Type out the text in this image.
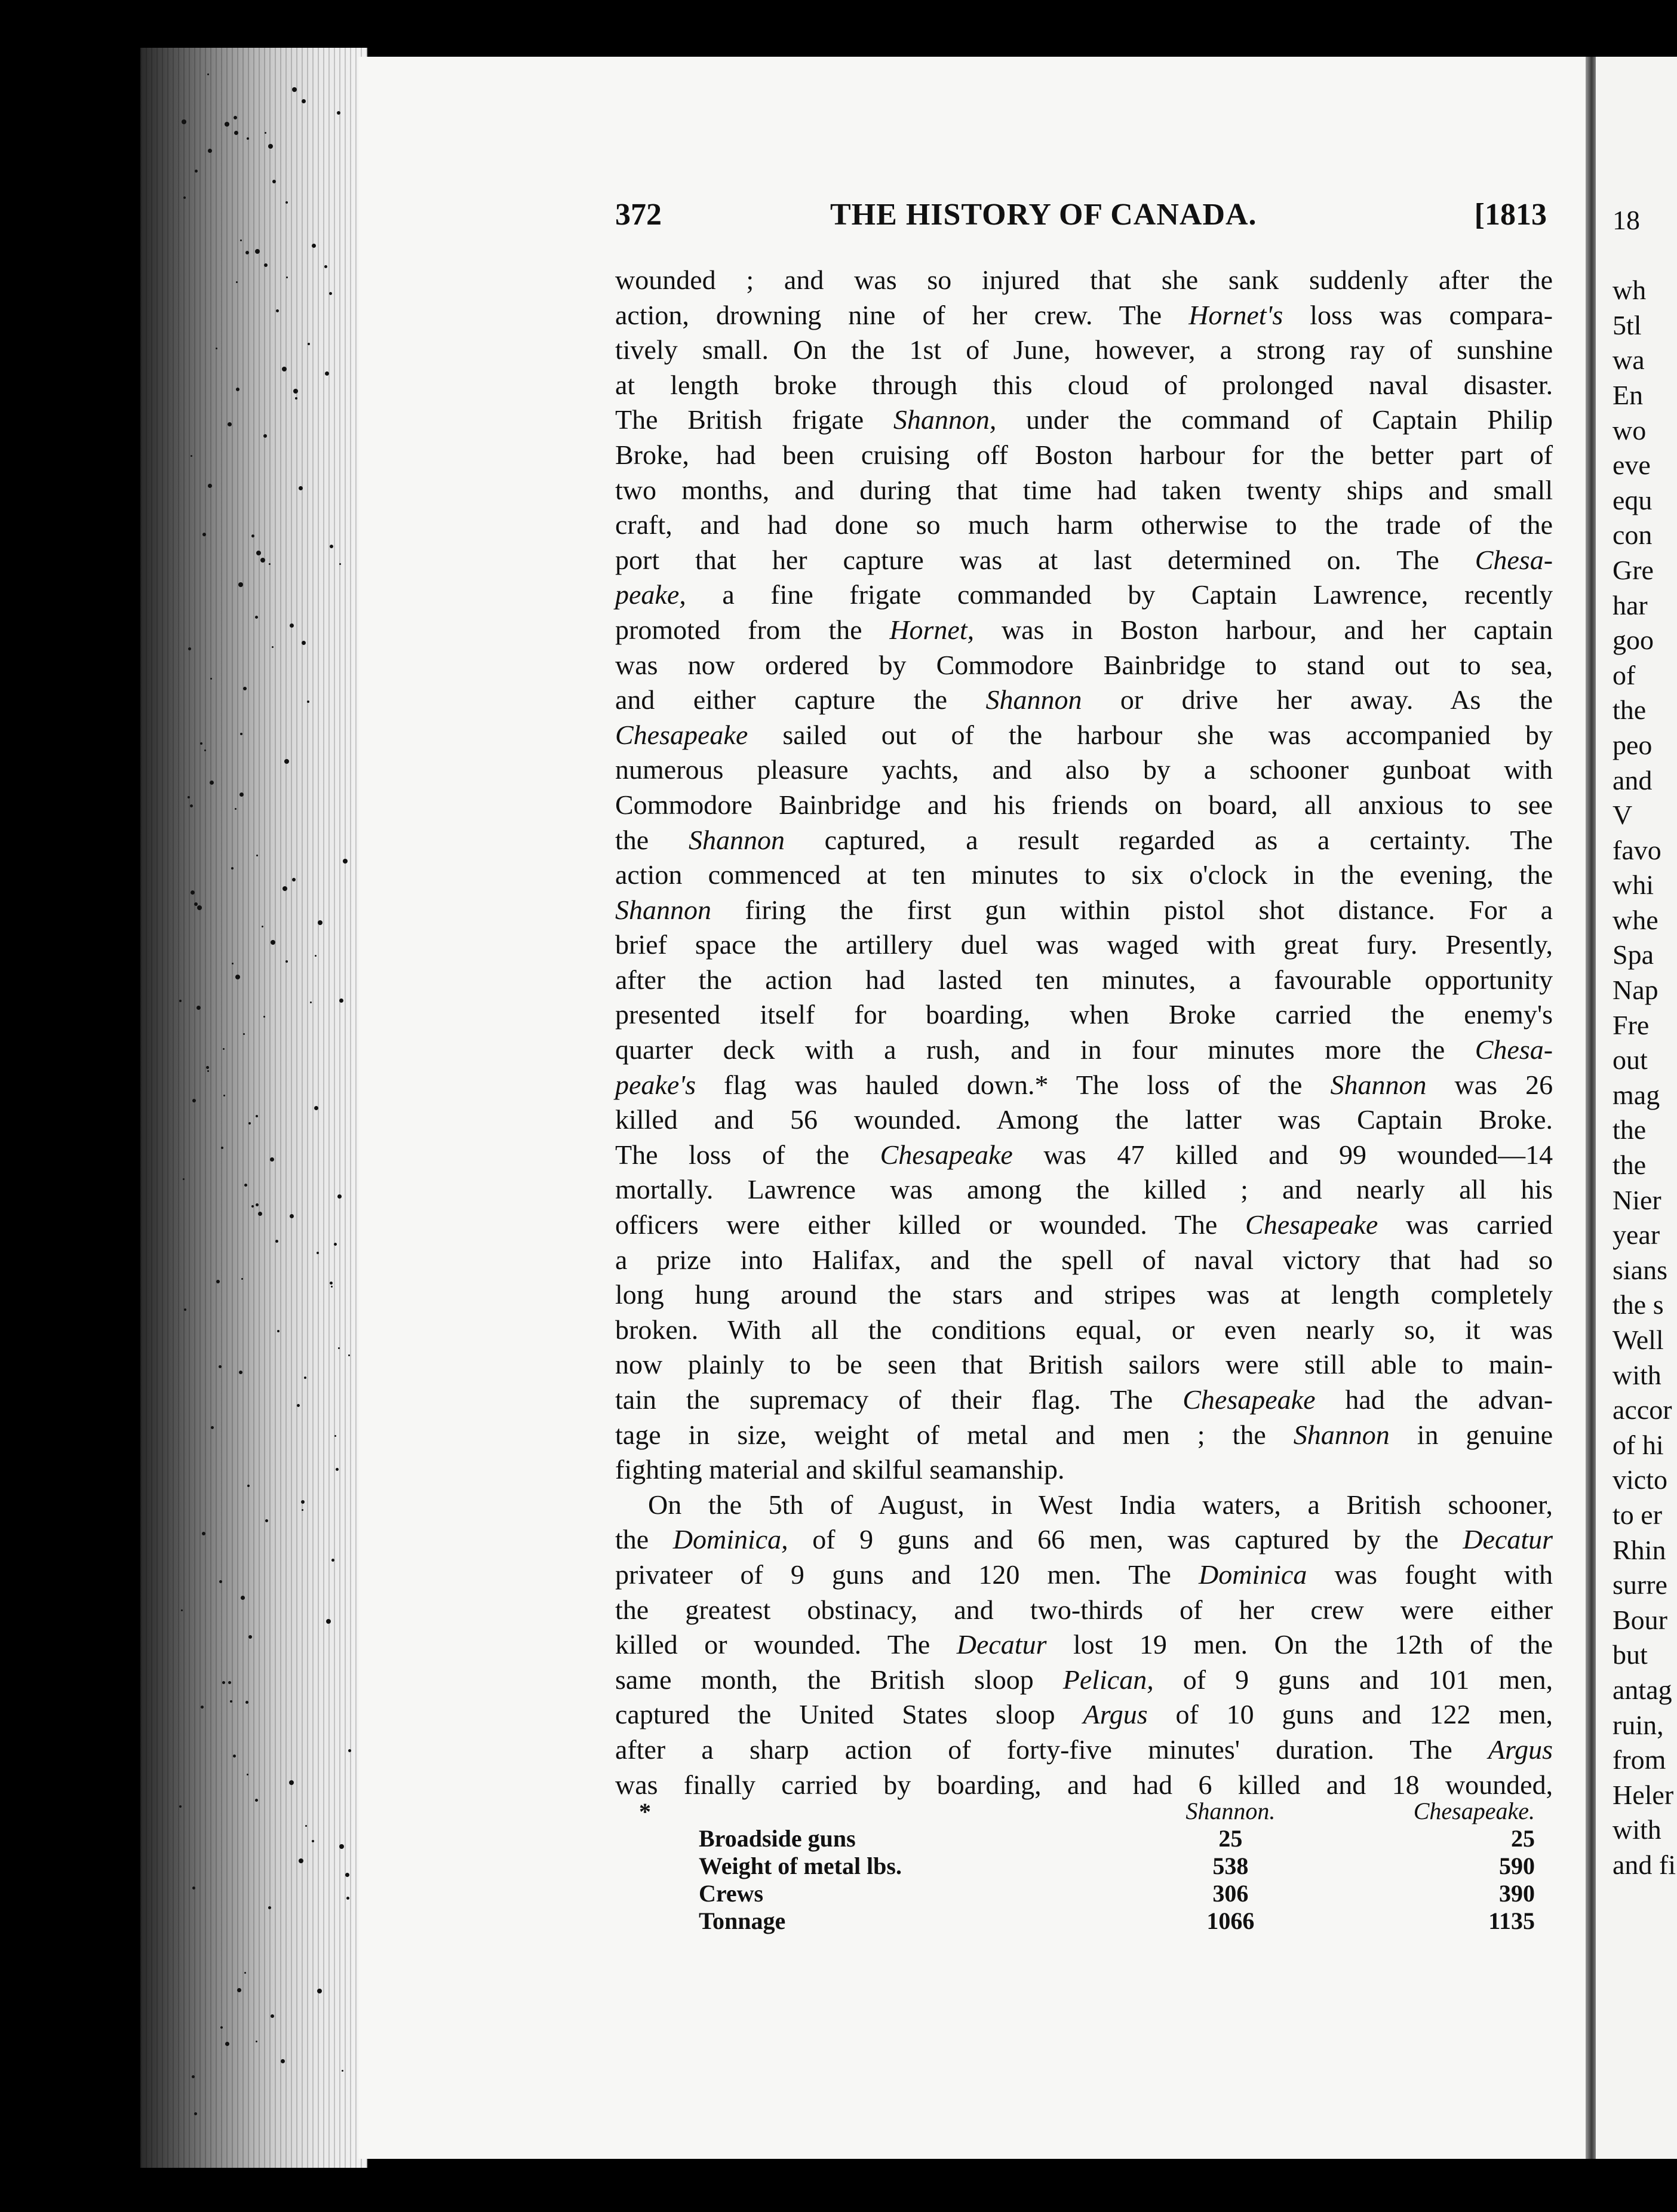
372	THE HISTORY OF CANADA.	[1813
wounded ; and was so injured that she sank suddenly after the
action, drowning nine of her crew. The Hornet's loss was compara-
tively small. On the 1st of June, however, a strong ray of sunshine
at length broke through this cloud of prolonged naval disaster.
The British frigate Shannon, under the command of Captain Philip
Broke, had been cruising off Boston harbour for the better part of
two months, and during that time had taken twenty ships and small
craft, and had done so much harm otherwise to the trade of the
port that her capture was at last determined on. The Chesa-
peake, a fine frigate commanded by Captain Lawrence, recently
promoted from the Hornet, was in Boston harbour, and her captain
was now ordered by Commodore Bainbridge to stand out to sea,
and either capture the Shannon or drive her away. As the
Chesapeake sailed out of the harbour she was accompanied by
numerous pleasure yachts, and also by a schooner gunboat with
Commodore Bainbridge and his friends on board, all anxious to see
the Shannon captured, a result regarded as a certainty. The
action commenced at ten minutes to six o'clock in the evening, the
Shannon firing the first gun within pistol shot distance. For a
brief space the artillery duel was waged with great fury. Presently,
after the action had lasted ten minutes, a favourable opportunity
presented itself for boarding, when Broke carried the enemy's
quarter deck with a rush, and in four minutes more the Chesa-
peake's flag was hauled down.* The loss of the Shannon was 26
killed and 56 wounded. Among the latter was Captain Broke.
The loss of the Chesapeake was 47 killed and 99 wounded—14
mortally. Lawrence was among the killed ; and nearly all his
officers were either killed or wounded. The Chesapeake was carried
a prize into Halifax, and the spell of naval victory that had so
long hung around the stars and stripes was at length completely
broken. With all the conditions equal, or even nearly so, it was
now plainly to be seen that British sailors were still able to main-
tain the supremacy of their flag. The Chesapeake had the advan-
tage in size, weight of metal and men ; the Shannon in genuine
fighting material and skilful seamanship.
On the 5th of August, in West India waters, a British schooner,
the Dominica, of 9 guns and 66 men, was captured by the Decatur
privateer of 9 guns and 120 men. The Dominica was fought with
the greatest obstinacy, and two-thirds of her crew were either
killed or wounded. The Decatur lost 19 men. On the 12th of the
same month, the British sloop Pelican, of 9 guns and 101 men,
captured the United States sloop Argus of 10 guns and 122 men,
after a sharp action of forty-five minutes' duration. The Argus
was finally carried by boarding, and had 6 killed and 18 wounded,
*
		Shannon.	Chesapeake.
Broadside guns	25	25
Weight of metal lbs.	538	590
Crews	306	390
Tonnage	1066	1135
18
wh
5tl
wa
En
wo
eve
equ
con
Gre
har
goo
of
the
peo
and
V
favo
whi
whe
Spa
Nap
Fre
out
mag
the
the
Nier
year
sians
the s
Well
with
accor
of hi
victo
to er
Rhin
surre
Bour
but
antag
ruin,
from
Heler
with
and fi
